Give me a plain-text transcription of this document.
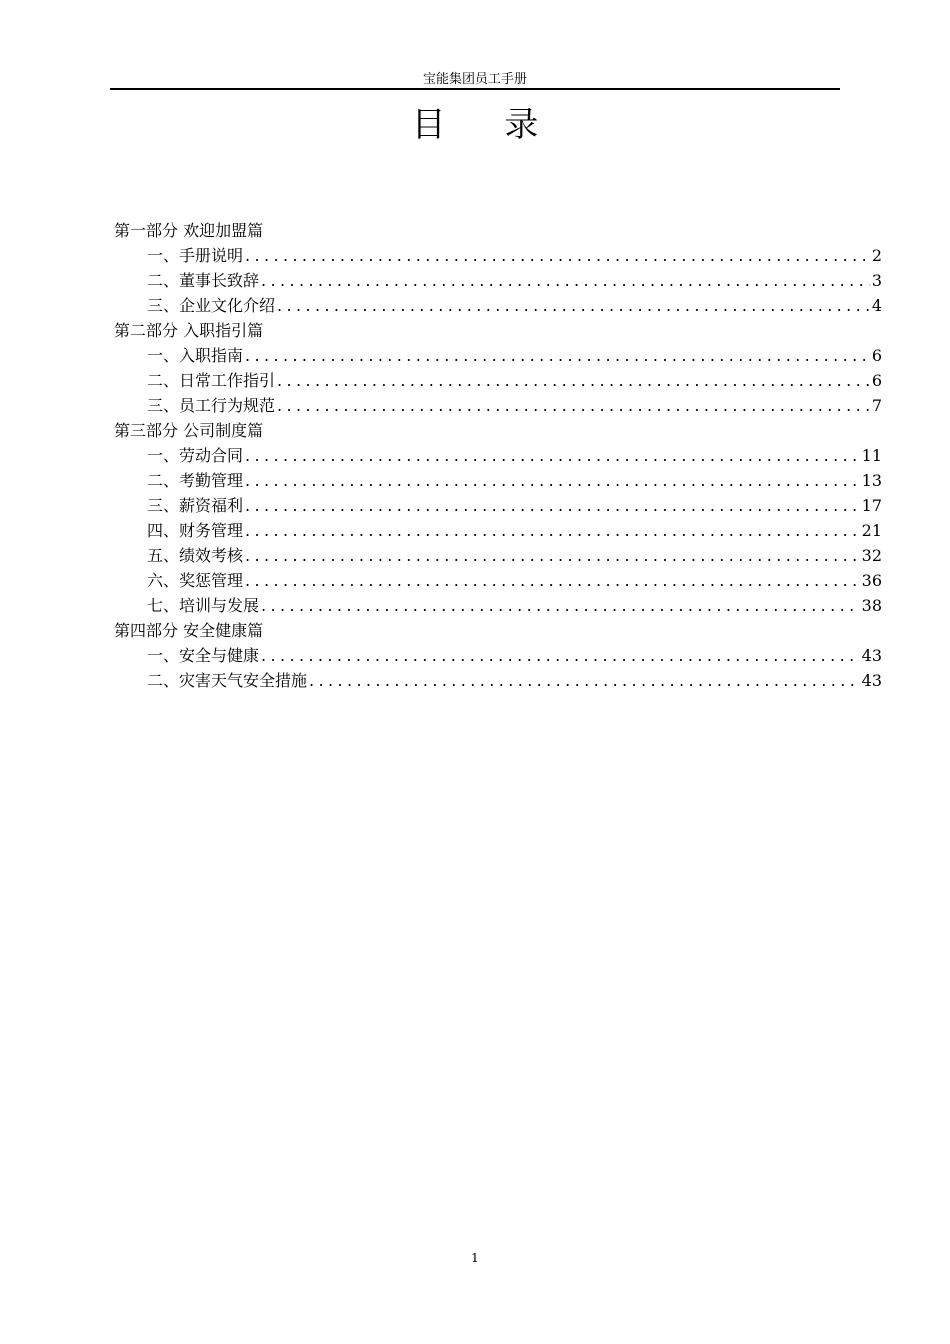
宝能集团员工手册
目 录
第一部分 欢迎加盟篇
一、手册说明 .....	2
二、董事长致辞 .....	3
三、企业文化介绍 .....	4
第二部分 入职指引篇
一、入职指南 .....	6
二、日常工作指引 .....	6
三、员工行为规范 .....	7
第三部分 公司制度篇
一、劳动合同 .....	11
二、考勤管理 .....	13
三、薪资福利 .....	17
四、财务管理 .....	21
五、绩效考核 .....	32
六、奖惩管理 .....	36
七、培训与发展 .....	38
第四部分 安全健康篇
一、安全与健康 .....	43
二、灾害天气安全措施 .....	43
1
